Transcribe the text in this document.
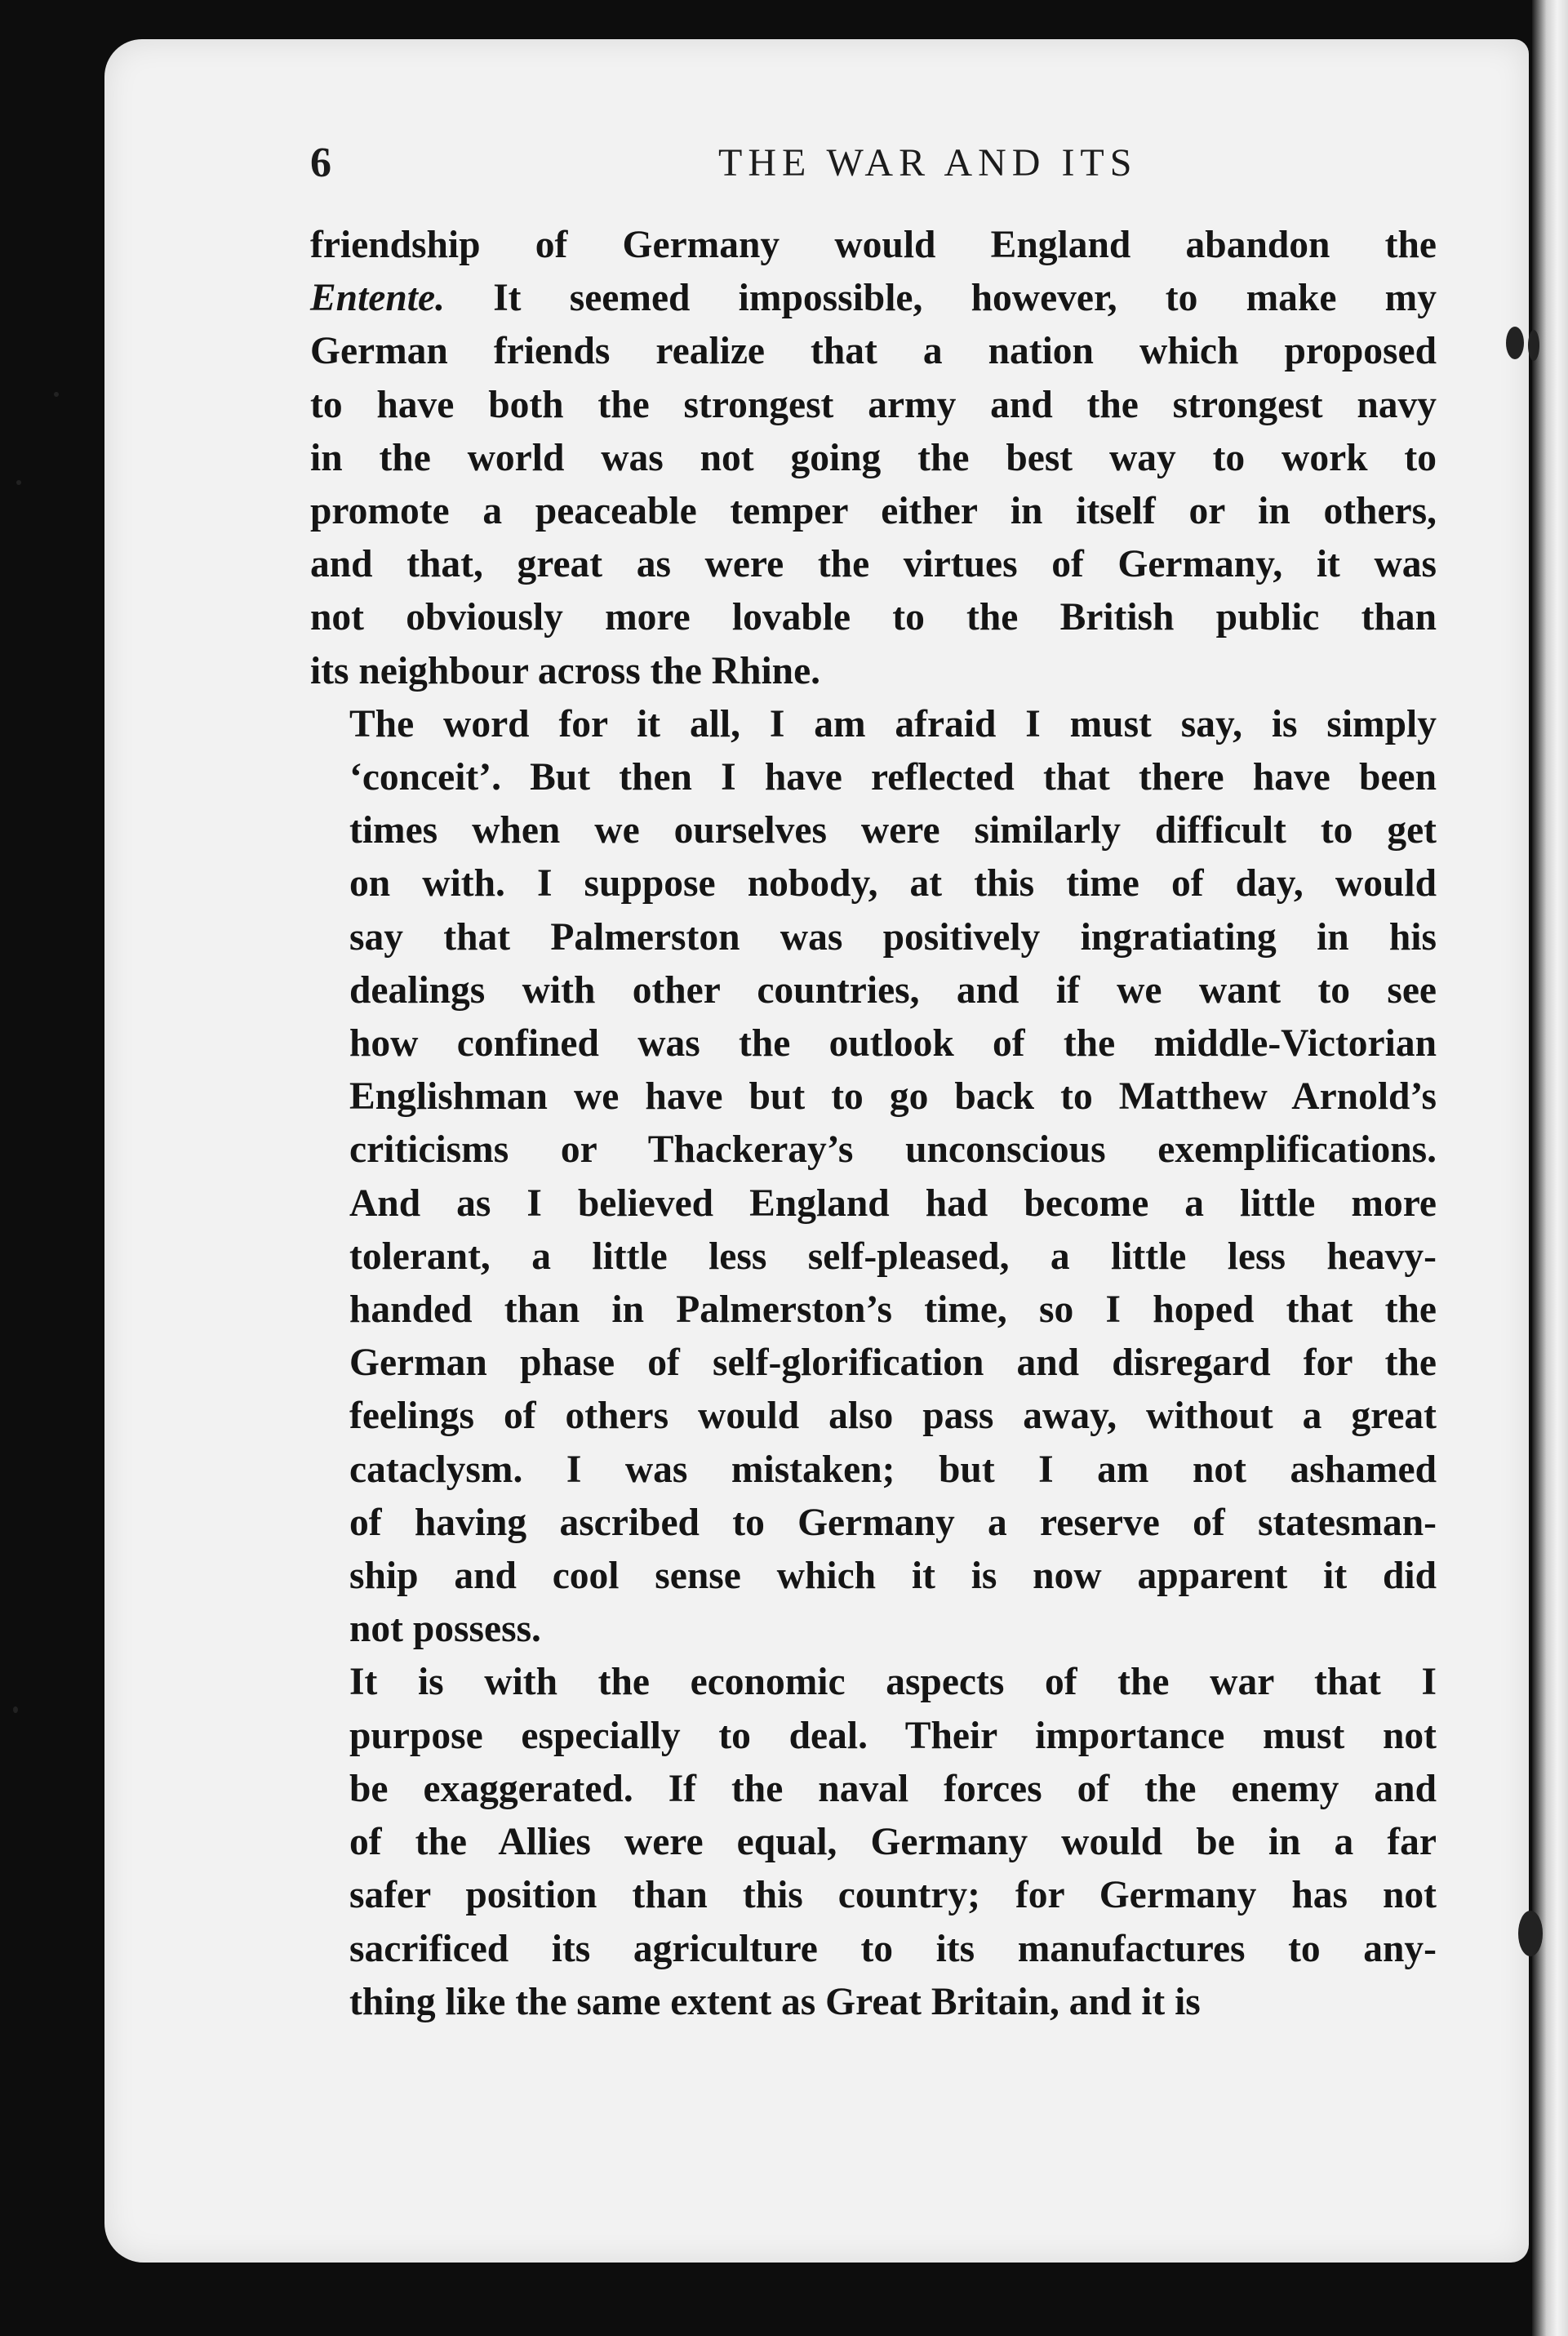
6	THE WAR AND ITS
friendship of Germany would England abandon the
Entente. It seemed impossible, however, to make my
German friends realize that a nation which proposed
to have both the strongest army and the strongest navy
in the world was not going the best way to work to
promote a peaceable temper either in itself or in others,
and that, great as were the virtues of Germany, it was
not obviously more lovable to the British public than
its neighbour across the Rhine.
The word for it all, I am afraid I must say, is simply
‘conceit’. But then I have reflected that there have been
times when we ourselves were similarly difficult to get
on with. I suppose nobody, at this time of day, would
say that Palmerston was positively ingratiating in his
dealings with other countries, and if we want to see
how confined was the outlook of the middle-Victorian
Englishman we have but to go back to Matthew Arnold’s
criticisms or Thackeray’s unconscious exemplifications.
And as I believed England had become a little more
tolerant, a little less self-pleased, a little less heavy-
handed than in Palmerston’s time, so I hoped that the
German phase of self-glorification and disregard for the
feelings of others would also pass away, without a great
cataclysm. I was mistaken; but I am not ashamed
of having ascribed to Germany a reserve of statesman-
ship and cool sense which it is now apparent it did
not possess.
It is with the economic aspects of the war that I
purpose especially to deal. Their importance must not
be exaggerated. If the naval forces of the enemy and
of the Allies were equal, Germany would be in a far
safer position than this country; for Germany has not
sacrificed its agriculture to its manufactures to any-
thing like the same extent as Great Britain, and it is
